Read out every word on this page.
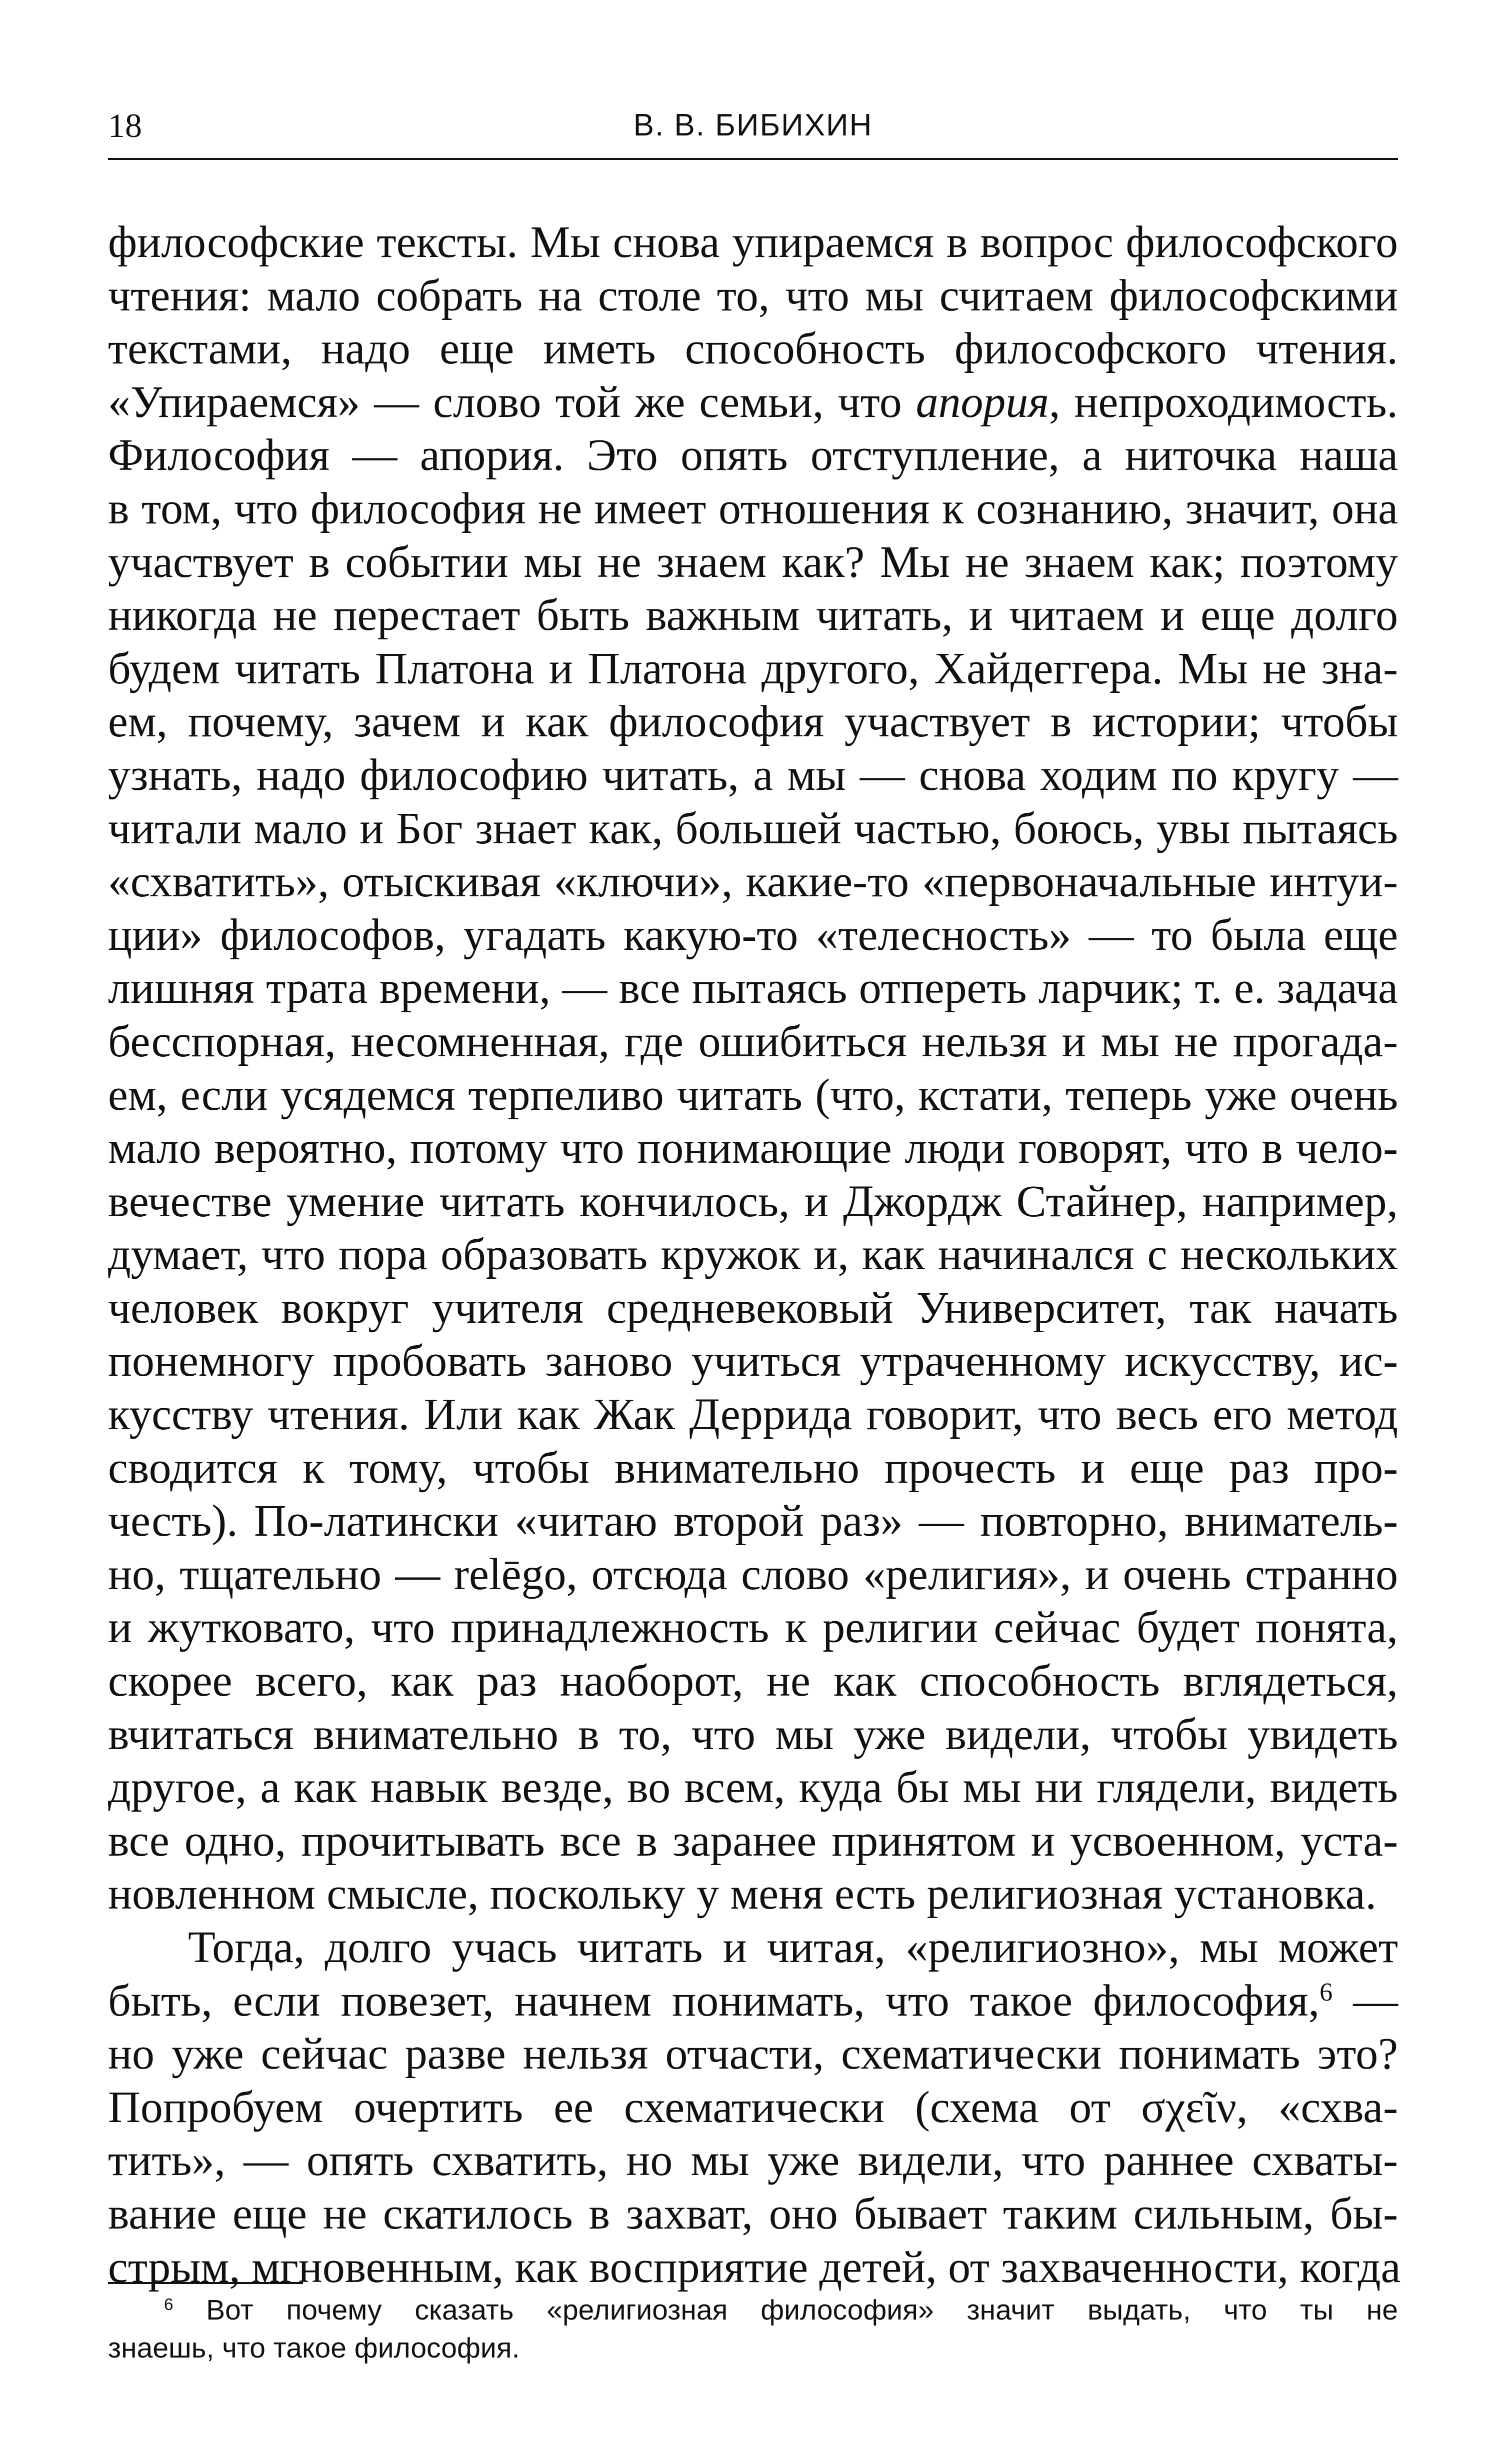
18	В. В. БИБИХИН
философские тексты. Мы снова упираемся в вопрос философского
чтения: мало собрать на столе то, что мы считаем философскими
текстами, надо еще иметь способность философского чтения.
«Упираемся» — слово той же семьи, что апория, непроходимость.
Философия — апория. Это опять отступление, а ниточка наша
в том, что философия не имеет отношения к сознанию, значит, она
участвует в событии мы не знаем как? Мы не знаем как; поэтому
никогда не перестает быть важным читать, и читаем и еще долго
будем читать Платона и Платона другого, Хайдеггера. Мы не зна-
ем, почему, зачем и как философия участвует в истории; чтобы
узнать, надо философию читать, а мы — снова ходим по кругу —
читали мало и Бог знает как, большей частью, боюсь, увы пытаясь
«схватить», отыскивая «ключи», какие-то «первоначальные интуи-
ции» философов, угадать какую-то «телесность» — то была еще
лишняя трата времени, — все пытаясь отпереть ларчик; т. е. задача
бесспорная, несомненная, где ошибиться нельзя и мы не прогада-
ем, если усядемся терпеливо читать (что, кстати, теперь уже очень
мало вероятно, потому что понимающие люди говорят, что в чело-
вечестве умение читать кончилось, и Джордж Стайнер, например,
думает, что пора образовать кружок и, как начинался с нескольких
человек вокруг учителя средневековый Университет, так начать
понемногу пробовать заново учиться утраченному искусству, ис-
кусству чтения. Или как Жак Деррида говорит, что весь его метод
сводится к тому, чтобы внимательно прочесть и еще раз про-
честь). По-латински «читаю второй раз» — повторно, вниматель-
но, тщательно — relēgo, отсюда слово «религия», и очень странно
и жутковато, что принадлежность к религии сейчас будет понята,
скорее всего, как раз наоборот, не как способность вглядеться,
вчитаться внимательно в то, что мы уже видели, чтобы увидеть
другое, а как навык везде, во всем, куда бы мы ни глядели, видеть
все одно, прочитывать все в заранее принятом и усвоенном, уста-
новленном смысле, поскольку у меня есть религиозная установка.
Тогда, долго учась читать и читая, «религиозно», мы может
быть, если повезет, начнем понимать, что такое философия,$^6$ —
но уже сейчас разве нельзя отчасти, схематически понимать это?
Попробуем очертить ее схематически (схема от σχεῖν, «схва-
тить», — опять схватить, но мы уже видели, что раннее схваты-
вание еще не скатилось в захват, оно бывает таким сильным, бы-
стрым, мгновенным, как восприятие детей, от захваченности, когда
$^6$ Вот почему сказать «религиозная философия» значит выдать, что ты не
знаешь, что такое философия.
